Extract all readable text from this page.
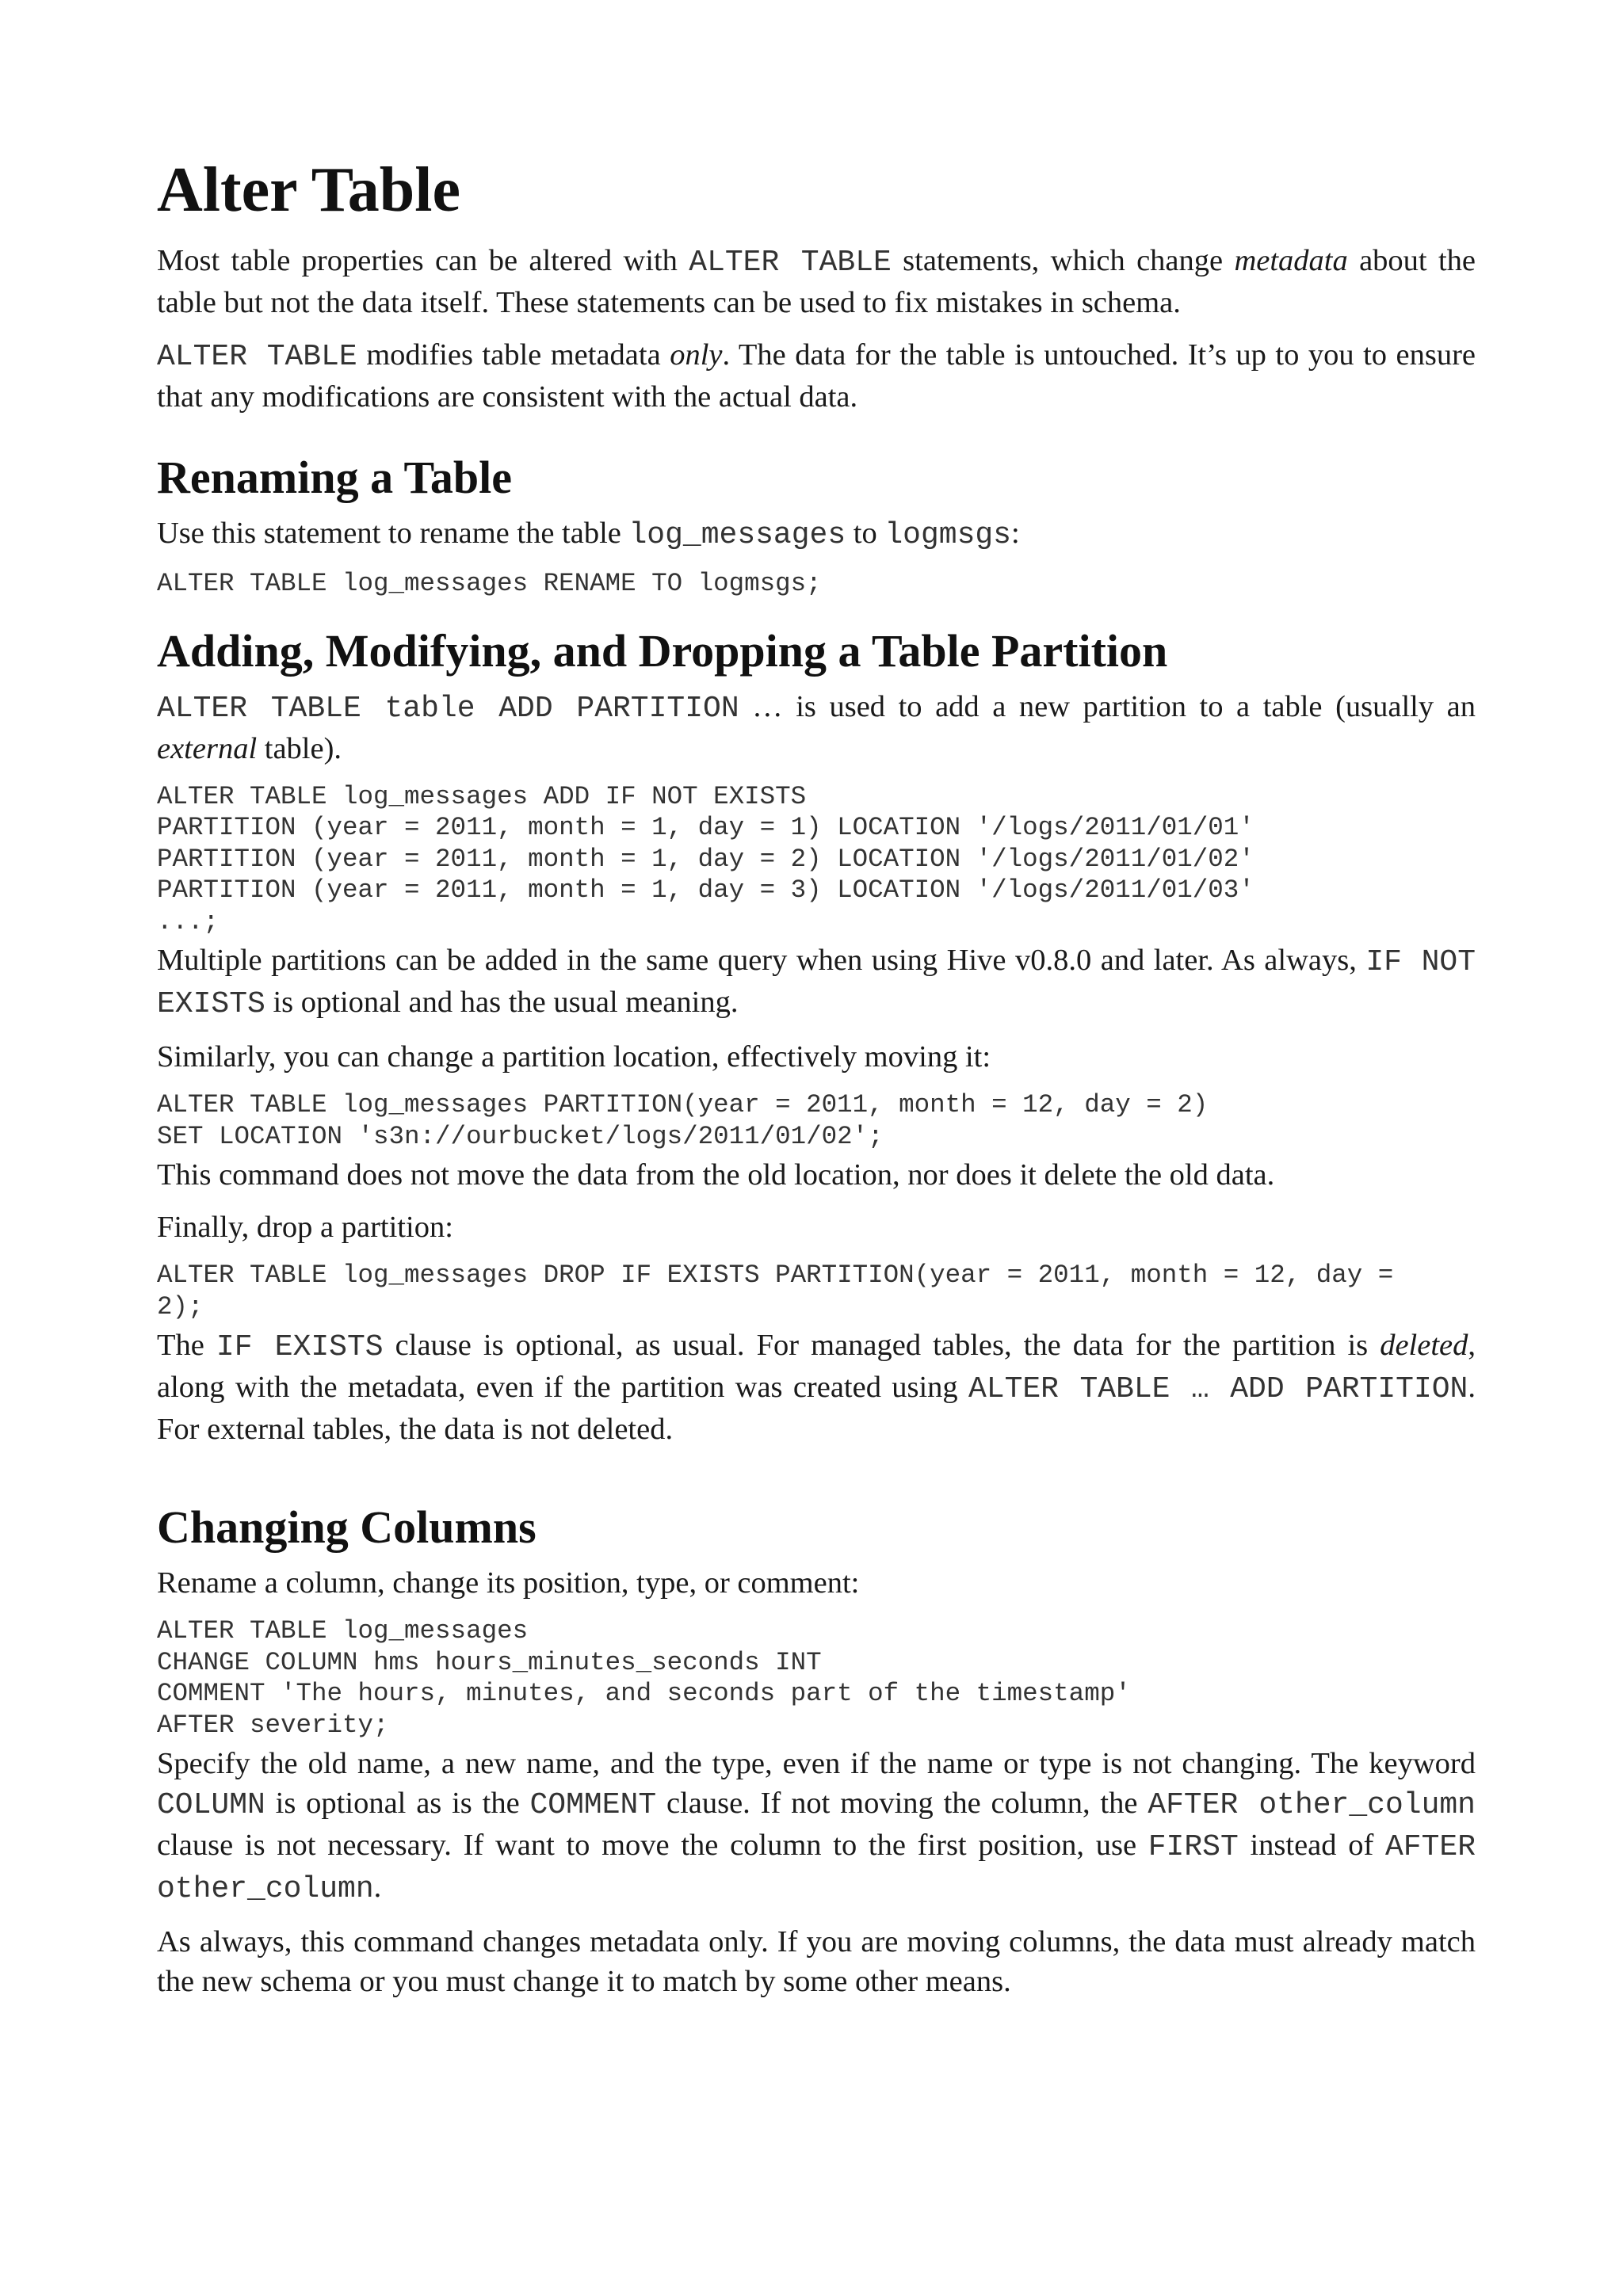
Alter Table

Most table properties can be altered with ALTER TABLE statements, which change metadata about the table but not the data itself. These statements can be used to fix mistakes in schema.

ALTER TABLE modifies table metadata only. The data for the table is untouched. It’s up to you to ensure that any modifications are consistent with the actual data.

Renaming a Table

Use this statement to rename the table log_messages to logmsgs:

ALTER TABLE log_messages RENAME TO logmsgs;
Adding, Modifying, and Dropping a Table Partition

ALTER TABLE table ADD PARTITION … is used to add a new partition to a table (usually an external table).

ALTER TABLE log_messages ADD IF NOT EXISTS
PARTITION (year = 2011, month = 1, day = 1) LOCATION '/logs/2011/01/01'
PARTITION (year = 2011, month = 1, day = 2) LOCATION '/logs/2011/01/02'
PARTITION (year = 2011, month = 1, day = 3) LOCATION '/logs/2011/01/03'
...;

Multiple partitions can be added in the same query when using Hive v0.8.0 and later. As always, IF NOT EXISTS is optional and has the usual meaning.

Similarly, you can change a partition location, effectively moving it:

ALTER TABLE log_messages PARTITION(year = 2011, month = 12, day = 2)
SET LOCATION 's3n://ourbucket/logs/2011/01/02';

This command does not move the data from the old location, nor does it delete the old data.

Finally, drop a partition:

ALTER TABLE log_messages DROP IF EXISTS PARTITION(year = 2011, month = 12, day =
2);

The IF EXISTS clause is optional, as usual. For managed tables, the data for the partition is deleted, along with the metadata, even if the partition was created using ALTER TABLE … ADD PARTITION. For external tables, the data is not deleted.

Changing Columns

Rename a column, change its position, type, or comment:

ALTER TABLE log_messages
CHANGE COLUMN hms hours_minutes_seconds INT
COMMENT 'The hours, minutes, and seconds part of the timestamp'
AFTER severity;

Specify the old name, a new name, and the type, even if the name or type is not changing. The keyword COLUMN is optional as is the COMMENT clause. If not moving the column, the AFTER other_column clause is not necessary. If want to move the column to the first position, use FIRST instead of AFTER other_column.

As always, this command changes metadata only. If you are moving columns, the data must already match the new schema or you must change it to match by some other means.
